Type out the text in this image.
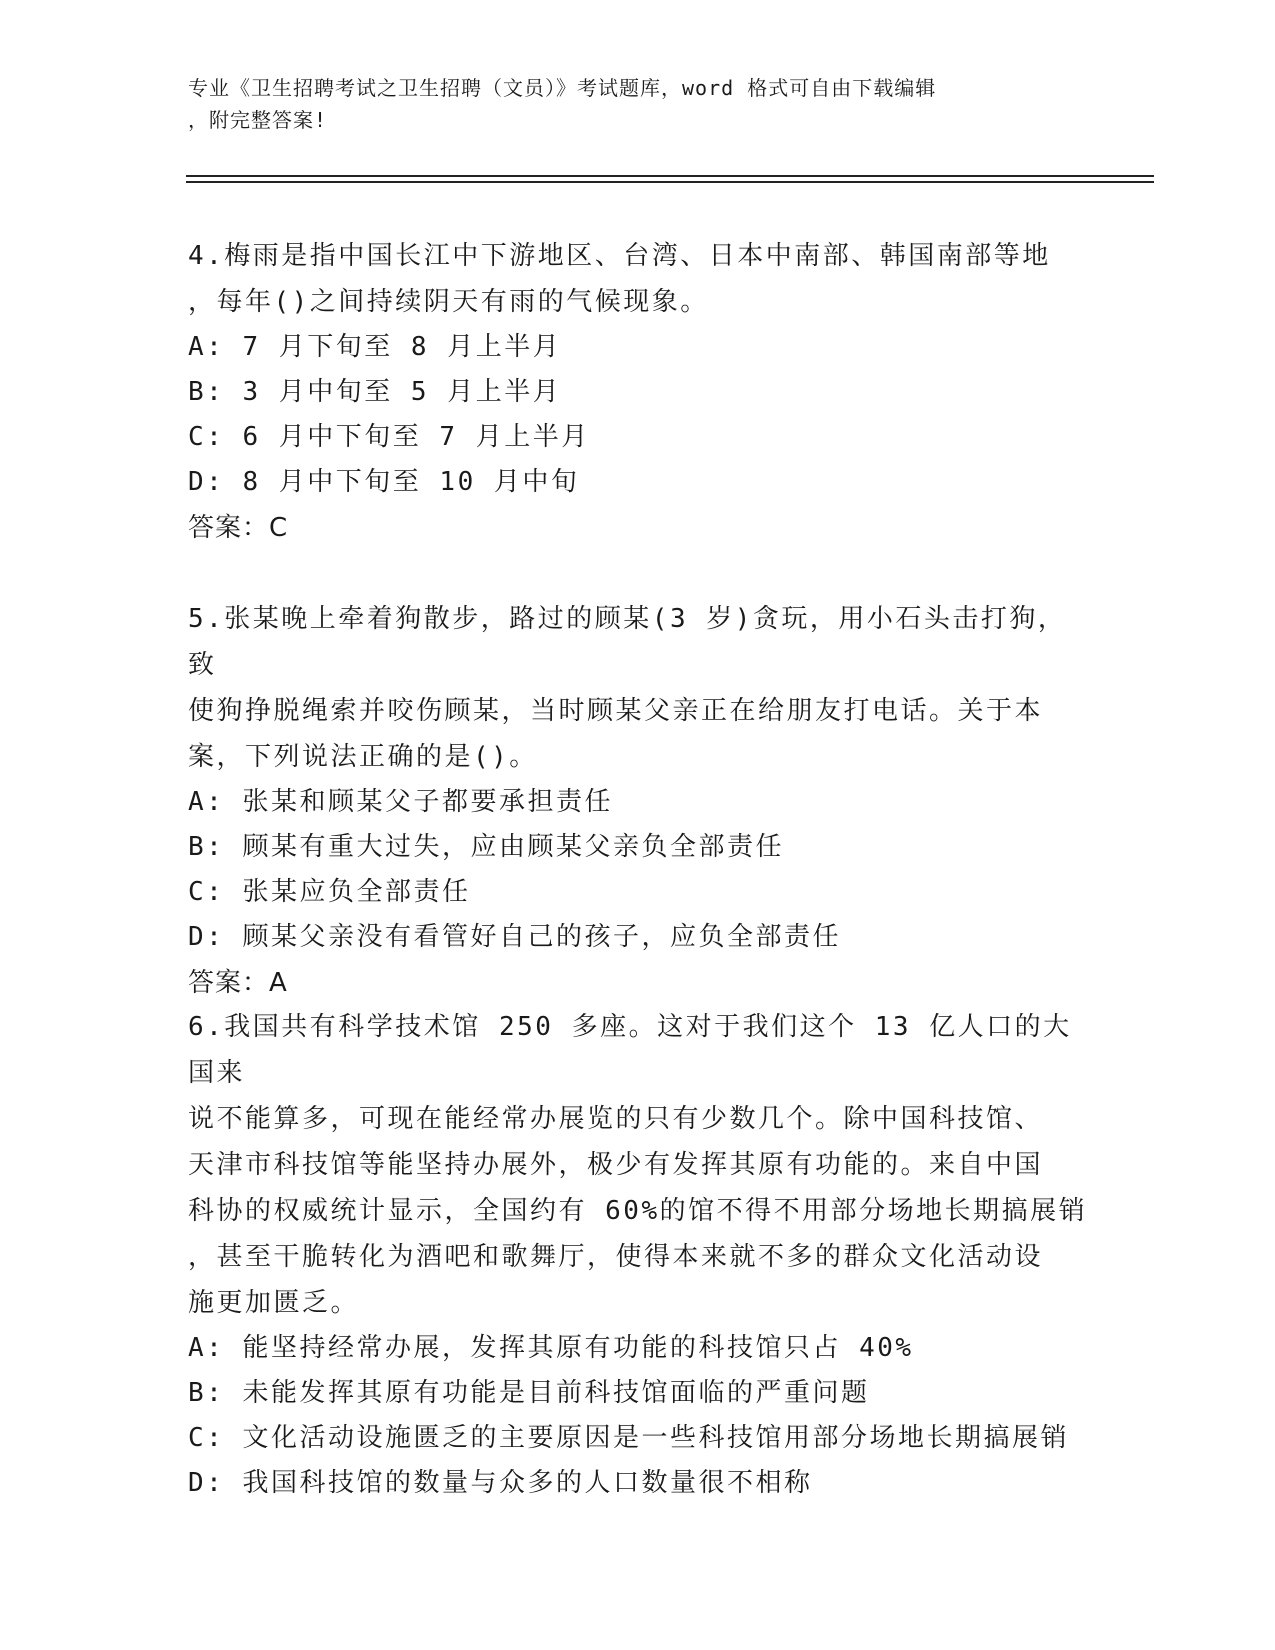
专业《卫生招聘考试之卫生招聘（文员）》考试题库，word 格式可自由下载编辑
，附完整答案!

4.梅雨是指中国长江中下游地区、台湾、日本中南部、韩国南部等地

，每年()之间持续阴天有雨的气候现象。

A: 7 月下旬至 8 月上半月

B: 3 月中旬至 5 月上半月

C: 6 月中下旬至 7 月上半月

D: 8 月中下旬至 10 月中旬

答案：C

5.张某晚上牵着狗散步，路过的顾某(3 岁)贪玩，用小石头击打狗，致

使狗挣脱绳索并咬伤顾某，当时顾某父亲正在给朋友打电话。关于本

案，下列说法正确的是()。

A: 张某和顾某父子都要承担责任

B: 顾某有重大过失，应由顾某父亲负全部责任

C: 张某应负全部责任

D: 顾某父亲没有看管好自己的孩子，应负全部责任

答案：A

6.我国共有科学技术馆 250 多座。这对于我们这个 13 亿人口的大国来

说不能算多，可现在能经常办展览的只有少数几个。除中国科技馆、

天津市科技馆等能坚持办展外，极少有发挥其原有功能的。来自中国

科协的权威统计显示，全国约有 60%的馆不得不用部分场地长期搞展销

，甚至干脆转化为酒吧和歌舞厅，使得本来就不多的群众文化活动设

施更加匮乏。

A: 能坚持经常办展，发挥其原有功能的科技馆只占 40%

B: 未能发挥其原有功能是目前科技馆面临的严重问题

C: 文化活动设施匮乏的主要原因是一些科技馆用部分场地长期搞展销

D: 我国科技馆的数量与众多的人口数量很不相称
